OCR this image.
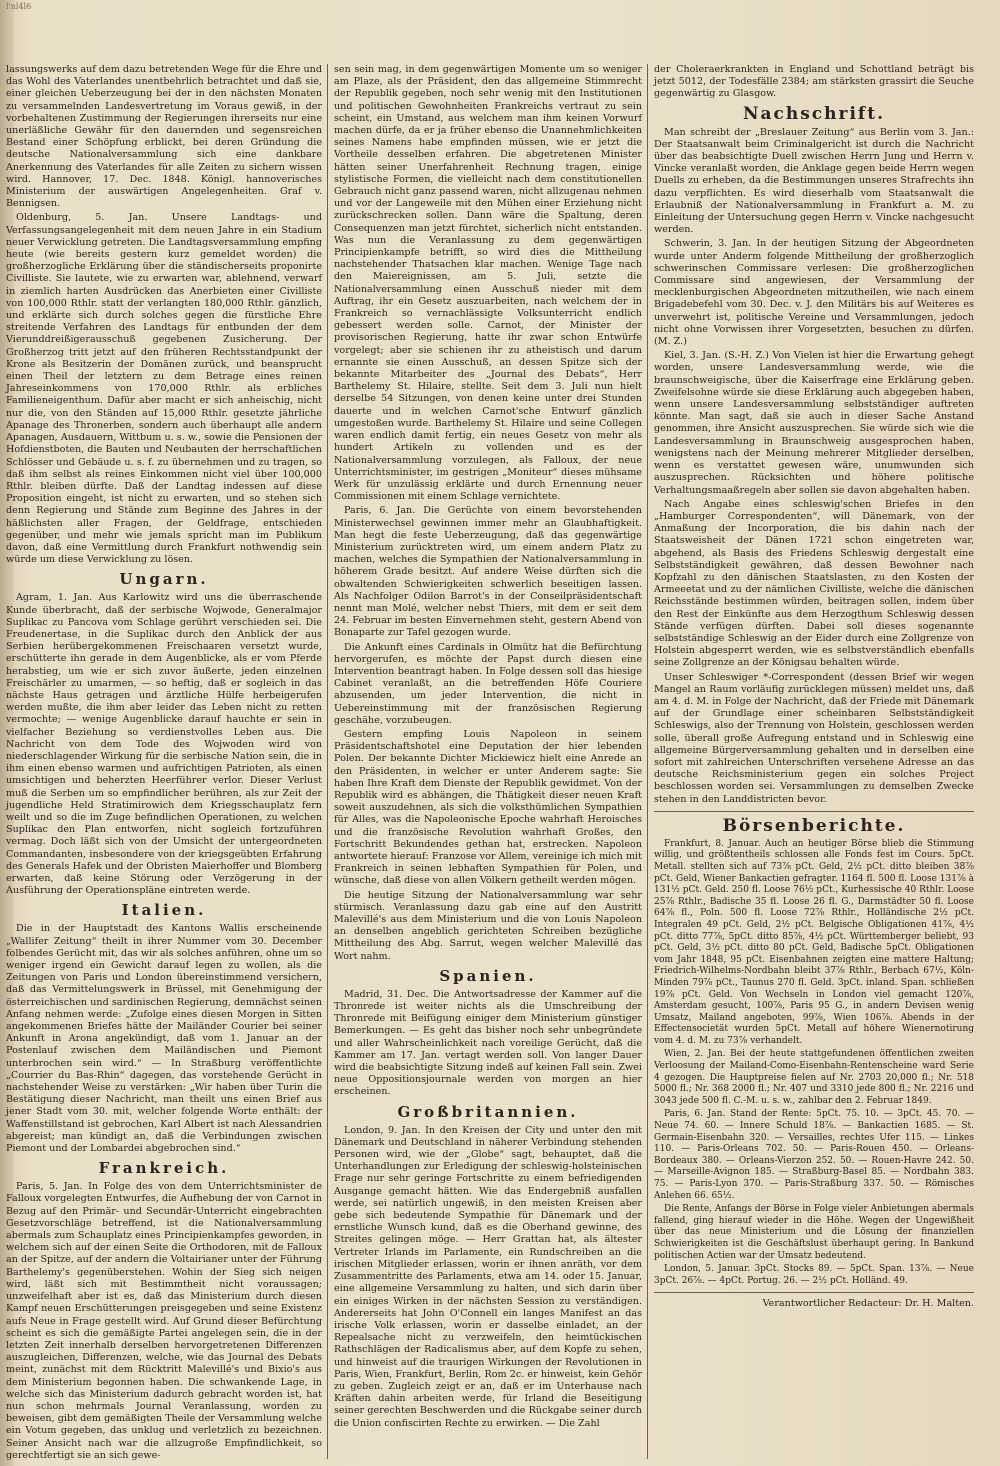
l'nl4l6

lassungswerks auf dem dazu betretenden Wege für die Ehre und das Wohl des Vaterlandes unentbehrlich betrachtet und daß sie, einer gleichen Ueberzeugung bei der in den nächsten Monaten zu versammelnden Landesvertretung im Voraus gewiß, in der vorbehaltenen Zustimmung der Regierungen ihrerseits nur eine unerläßliche Gewähr für den dauernden und segensreichen Bestand einer Schöpfung erblickt, bei deren Gründung die deutsche Nationalversammlung sich eine dankbare Anerkennung des Vaterlandes für alle Zeiten zu sichern wissen wird. Hannover, 17. Dec. 1848. Königl. hannoverisches Ministerium der auswärtigen Angelegenheiten. Graf v. Bennigsen.

Oldenburg, 5. Jan. Unsere Landtags- und Verfassungsangelegenheit mit dem neuen Jahre in ein Stadium neuer Verwicklung getreten. Die Landtagsversammlung empfing heute (wie bereits gestern kurz gemeldet worden) die großherzogliche Erklärung über die ständischerseits proponirte Civilliste. Sie lautete, wie zu erwarten war, ablehnend, verwarf in ziemlich harten Ausdrücken das Anerbieten einer Civilliste von 100,000 Rthlr. statt der verlangten 180,000 Rthlr. gänzlich, und erklärte sich durch solches gegen die fürstliche Ehre streitende Verfahren des Landtags für entbunden der dem Vierunddreißigerausschuß gegebenen Zusicherung. Der Großherzog tritt jetzt auf den früheren Rechtsstandpunkt der Krone als Besitzerin der Domänen zurück, und beansprucht einen Theil der letztern zu dem Betrage eines reinen Jahreseinkommens von 170,000 Rthlr. als erbliches Familieneigenthum. Dafür aber macht er sich anheischig, nicht nur die, von den Ständen auf 15,000 Rthlr. gesetzte jährliche Apanage des Thronerben, sondern auch überhaupt alle andern Apanagen, Ausdauern, Wittbum u. s. w., sowie die Pensionen der Hofdienstboten, die Bauten und Neubauten der herrschaftlichen Schlösser und Gebäude u. s. f. zu übernehmen und zu tragen, so daß ihm selbst als reines Einkommen nicht viel über 100,000 Rthlr. bleiben dürfte. Daß der Landtag indessen auf diese Proposition eingeht, ist nicht zu erwarten, und so stehen sich denn Regierung und Stände zum Beginne des Jahres in der häßlichsten aller Fragen, der Geldfrage, entschieden gegenüber, und mehr wie jemals spricht man im Publikum davon, daß eine Vermittlung durch Frankfurt nothwendig sein würde um diese Verwicklung zu lösen.

Ungarn.

Agram, 1. Jan. Aus Karlowitz wird uns die überraschende Kunde überbracht, daß der serbische Wojwode, Generalmajor Suplikac zu Pancova vom Schlage gerührt verschieden sei. Die Freudenertase, in die Suplikac durch den Anblick der aus Serbien herübergekommenen Freischaaren versetzt wurde, erschütterte ihn gerade in dem Augenblicke, als er vom Pferde herabstieg, um wie er sich zuvor äußerte, jeden einzelnen Freischärler zu umarmen, — so heftig, daß er sogleich in das nächste Haus getragen und ärztliche Hülfe herbeigerufen werden mußte, die ihm aber leider das Leben nicht zu retten vermochte; — wenige Augenblicke darauf hauchte er sein in vielfacher Beziehung so verdienstvolles Leben aus. Die Nachricht von dem Tode des Wojwoden wird von niederschlagender Wirkung für die serbische Nation sein, die in ihm einen ebenso warmen und aufrichtigen Patrioten, als einen umsichtigen und beherzten Heerführer verlor. Dieser Verlust muß die Serben um so empfindlicher berühren, als zur Zeit der jugendliche Held Stratimirowich dem Kriegsschauplatz fern weilt und so die im Zuge befindlichen Operationen, zu welchen Suplikac den Plan entworfen, nicht sogleich fortzuführen vermag. Doch läßt sich von der Umsicht der untergeordneten Commandanten, insbesondere von der kriegsgeübten Erfahrung des Generals Hafek und der Obristen Maierhoffer und Blomberg erwarten, daß keine Störung oder Verzögerung in der Ausführung der Operationspläne eintreten werde.

Italien.

Die in der Hauptstadt des Kantons Wallis erscheinende „Wallifer Zeitung“ theilt in ihrer Nummer vom 30. December folbendes Gerücht mit, das wir als solches anführen, ohne um so weniger irgend ein Gewicht darauf legen zu wollen, als die Zeitungen von Paris und London übereinstimmend versichern, daß das Vermittelungswerk in Brüssel, mit Genehmigung der österreichischen und sardinischen Regierung, demnächst seinen Anfang nehmen werde: „Zufolge eines diesen Morgen in Sitten angekommenen Briefes hätte der Mailänder Courier bei seiner Ankunft in Arona angekündigt, daß vom 1. Januar an der Postenlauf zwischen dem Mailändischen und Piemont unterbrochen sein wird.“ — In Straßburg veröffentlichte „Courrier du Bas-Rhin“ dagegen, das vorstehende Gerücht in nachstehender Weise zu verstärken: „Wir haben über Turin die Bestätigung dieser Nachricht, man theilt uns einen Brief aus jener Stadt vom 30. mit, welcher folgende Worte enthält: der Waffenstillstand ist gebrochen, Karl Albert ist nach Alessandrien abgereist; man kündigt an, daß die Verbindungen zwischen Piemont und der Lombardei abgebrochen sind.“

Frankreich.

Paris, 5. Jan. In Folge des von dem Unterrichtsminister de Falloux vorgelegten Entwurfes, die Aufhebung der von Carnot in Bezug auf den Primär- und Secundär-Unterricht eingebrachten Gesetzvorschläge betreffend, ist die Nationalversammlung abermals zum Schauplatz eines Principienkampfes geworden, in welchem sich auf der einen Seite die Orthodoren, mit de Falloux an der Spitze, auf der andern die Voltairianer unter der Führung Barthelemy's gegenüberstehen. Wohin der Sieg sich neigen wird, läßt sich mit Bestimmtheit nicht voraussagen; unzweifelhaft aber ist es, daß das Ministerium durch diesen Kampf neuen Erschütterungen preisgegeben und seine Existenz aufs Neue in Frage gestellt wird. Auf Grund dieser Befürchtung scheint es sich die gemäßigte Partei angelegen sein, die in der letzten Zeit innerhalb derselben hervorgetretenen Differenzen auszugleichen, Differenzen, welche, wie das Journal des Debats meint, zunächst mit dem Rücktritt Malevillé's und Bixio's aus dem Ministerium begonnen haben. Die schwankende Lage, in welche sich das Ministerium dadurch gebracht worden ist, hat nun schon mehrmals Journal Veranlassung, worden zu beweisen, gibt dem gemäßigten Theile der Versammlung welche ein Votum gegeben, das unklug und verletzlich zu bezeichnen. Seiner Ansicht nach war die allzugroße Empfindlichkeit, so gerechtfertigt sie an sich gewe-

sen sein mag, in dem gegenwärtigen Momente um so weniger am Plaze, als der Präsident, den das allgemeine Stimmrecht der Republik gegeben, noch sehr wenig mit den Institutionen und politischen Gewohnheiten Frankreichs vertraut zu sein scheint, ein Umstand, aus welchem man ihm keinen Vorwurf machen dürfe, da er ja früher ebenso die Unannehmlichkeiten seines Namens habe empfinden müssen, wie er jetzt die Vortheile desselben erfahren. Die abgetretenen Minister hätten seiner Unerfahrenheit Rechnung tragen, einige stylistische Formen, die vielleicht nach dem constitutionellen Gebrauch nicht ganz passend waren, nicht allzugenau nehmen und vor der Langeweile mit den Mühen einer Erziehung nicht zurückschrecken sollen. Dann wäre die Spaltung, deren Consequenzen man jetzt fürchtet, sicherlich nicht entstanden. Was nun die Veranlassung zu dem gegenwärtigen Principienkampfe betrifft, so wird dies die Mittheilung nachstehender Thatsachen klar machen. Wenige Tage nach den Maiereignissen, am 5. Juli, setzte die Nationalversammlung einen Ausschuß nieder mit dem Auftrag, ihr ein Gesetz auszuarbeiten, nach welchem der in Frankreich so vernachlässigte Volksunterricht endlich gebessert werden solle. Carnot, der Minister der provisorischen Regierung, hatte ihr zwar schon Entwürfe vorgelegt; aber sie schienen ihr zu atheistisch und darum ernannte sie einen Ausschuß, an dessen Spitze sich der bekannte Mitarbeiter des „Journal des Debats“, Herr Barthelemy St. Hilaire, stellte. Seit dem 3. Juli nun hielt derselbe 54 Sitzungen, von denen keine unter drei Stunden dauerte und in welchen Carnot'sche Entwurf gänzlich umgestoßen wurde. Barthelemy St. Hilaire und seine Collegen waren endlich damit fertig, ein neues Gesetz von mehr als hundert Artikeln zu vollenden und es der Nationalversammlung vorzulegen, als Falloux, der neue Unterrichtsminister, im gestrigen „Moniteur“ dieses mühsame Werk für unzulässig erklärte und durch Ernennung neuer Commissionen mit einem Schlage vernichtete.

Paris, 6. Jan. Die Gerüchte von einem bevorstehenden Ministerwechsel gewinnen immer mehr an Glaubhaftigkeit. Man hegt die feste Ueberzeugung, daß das gegenwärtige Ministerium zurücktreten wird, um einem andern Platz zu machen, welches die Sympathien der Nationalversammlung in höherem Grade besitzt. Auf andere Weise dürften sich die obwaltenden Schwierigkeiten schwerlich beseitigen lassen. Als Nachfolger Odilon Barrot's in der Conseilpräsidentschaft nennt man Molé, welcher nebst Thiers, mit dem er seit dem 24. Februar im besten Einvernehmen steht, gestern Abend von Bonaparte zur Tafel gezogen wurde.

Die Ankunft eines Cardinals in Olmütz hat die Befürchtung hervorgerufen, es möchte der Papst durch diesen eine Intervention beantragt haben. In Folge dessen soll das hiesige Cabinet veranlaßt, an die betreffenden Höfe Couriere abzusenden, um jeder Intervention, die nicht in Uebereinstimmung mit der französischen Regierung geschähe, vorzubeugen.

Gestern empfing Louis Napoleon in seinem Präsidentschaftshotel eine Deputation der hier lebenden Polen. Der bekannte Dichter Mickiewicz hielt eine Anrede an den Präsidenten, in welcher er unter Anderem sagte: Sie haben Ihre Kraft dem Dienste der Republik gewidmet. Von der Republik wird es abhängen, die Thätigkeit dieser neuen Kraft soweit auszudehnen, als sich die volksthümlichen Sympathien für Alles, was die Napoleonische Epoche wahrhaft Heroisches und die französische Revolution wahrhaft Großes, den Fortschritt Bekundendes gethan hat, erstrecken. Napoleon antwortete hierauf: Franzose vor Allem, vereinige ich mich mit Frankreich in seinen lebhaften Sympathien für Polen, und wünsche, daß diese von allen Völkern getheilt werden mögen.

Die heutige Sitzung der Nationalversammlung war sehr stürmisch. Veranlassung dazu gab eine auf den Austritt Malevillé's aus dem Ministerium und die von Louis Napoleon an denselben angeblich gerichteten Schreiben bezügliche Mittheilung des Abg. Sarrut, wegen welcher Malevillé das Wort nahm.

Spanien.

Madrid, 31. Dec. Die Antwortsadresse der Kammer auf die Thronrede ist weiter nichts als die Umschreibung der Thronrede mit Beifügung einiger dem Ministerium günstiger Bemerkungen. — Es geht das bisher noch sehr unbegründete und aller Wahrscheinlichkeit nach voreilige Gerücht, daß die Kammer am 17. Jan. vertagt werden soll. Von langer Dauer wird die beabsichtigte Sitzung indeß auf keinen Fall sein. Zwei neue Oppositionsjournale werden von morgen an hier erscheinen.

Großbritannien.

London, 9. Jan. In den Kreisen der City und unter den mit Dänemark und Deutschland in näherer Verbindung stehenden Personen wird, wie der „Globe“ sagt, behauptet, daß die Unterhandlungen zur Erledigung der schleswig-holsteinischen Frage nur sehr geringe Fortschritte zu einem befriedigenden Ausgange gemacht hätten. Wie das Endergebniß ausfallen werde, sei natürlich ungewiß, in den meisten Kreisen aber gebe sich bedeutende Sympathie für Dänemark und der ernstliche Wunsch kund, daß es die Oberhand gewinne, des Streites gelingen möge. — Herr Grattan hat, als ältester Vertreter Irlands im Parlamente, ein Rundschreiben an die irischen Mitglieder erlassen, worin er ihnen anräth, vor dem Zusammentritte des Parlaments, etwa am 14. oder 15. Januar, eine allgemeine Versammlung zu halten, und sich darin über ein einiges Wirken in der nächsten Session zu verständigen. Andererseits hat John O'Connell ein langes Manifest an das irische Volk erlassen, worin er dasselbe einladet, an der Repealsache nicht zu verzweifeln, den heimtückischen Rathschlägen der Radicalismus aber, auf dem Kopfe zu sehen, und hinweist auf die traurigen Wirkungen der Revolutionen in Paris, Wien, Frankfurt, Berlin, Rom 2c. er hinweist, kein Gehör zu geben. Zugleich zeigt er an, daß er im Unterhause nach Kräften dahin arbeiten werde, für Irland die Beseitigung seiner gerechten Beschwerden und die Rückgabe seiner durch die Union confiscirten Rechte zu erwirken. — Die Zahl

der Choleraerkrankten in England und Schottland beträgt bis jetzt 5012, der Todesfälle 2384; am stärksten grassirt die Seuche gegenwärtig zu Glasgow.

Nachschrift.

Man schreibt der „Breslauer Zeitung“ aus Berlin vom 3. Jan.: Der Staatsanwalt beim Criminalgericht ist durch die Nachricht über das beabsichtigte Duell zwischen Herrn Jung und Herrn v. Vincke veranlaßt worden, die Anklage gegen beide Herrn wegen Duells zu erheben, da die Bestimmungen unseres Strafrechts ihn dazu verpflichten. Es wird dieserhalb vom Staatsanwalt die Erlaubniß der Nationalversammlung in Frankfurt a. M. zu Einleitung der Untersuchung gegen Herrn v. Vincke nachgesucht werden.

Schwerin, 3. Jan. In der heutigen Sitzung der Abgeordneten wurde unter Anderm folgende Mittheilung der großherzoglich schwerinschen Commissare verlesen: Die großherzoglichen Commissare sind angewiesen, der Versammlung der mecklenburgischen Abgeordneten mitzutheilen, wie nach einem Brigadebefehl vom 30. Dec. v. J. den Militärs bis auf Weiteres es unverwehrt ist, politische Vereine und Versammlungen, jedoch nicht ohne Vorwissen ihrer Vorgesetzten, besuchen zu dürfen. (M. Z.)

Kiel, 3. Jan. (S.-H. Z.) Von Vielen ist hier die Erwartung gehegt worden, unsere Landesversammlung werde, wie die braunschweigische, über die Kaiserfrage eine Erklärung geben. Zweifelsohne würde sie diese Erklärung auch abgegeben haben, wenn unsere Landesversammlung selbstständiger auftreten könnte. Man sagt, daß sie auch in dieser Sache Anstand genommen, ihre Ansicht auszusprechen. Sie würde sich wie die Landesversammlung in Braunschweig ausgesprochen haben, wenigstens nach der Meinung mehrerer Mitglieder derselben, wenn es verstattet gewesen wäre, unumwunden sich auszusprechen. Rücksichten und höhere politische Verhaltungsmaaßregeln aber sollen sie davon abgehalten haben.

Nach Angabe eines schleswig'schen Briefes in den „Hamburger Correspondenten“, will Dänemark, von der Anmaßung der Incorporation, die bis dahin nach der Staatsweisheit der Dänen 1721 schon eingetreten war, abgehend, als Basis des Friedens Schleswig dergestalt eine Selbstständigkeit gewähren, daß dessen Bewohner nach Kopfzahl zu den dänischen Staatslasten, zu den Kosten der Armeeetat und zu der nämlichen Civilliste, welche die dänischen Reichsstände bestimmen würden, beitragen sollen, indem über den Rest der Einkünfte aus dem Herzogthum Schleswig dessen Stände verfügen dürften. Dabei soll dieses sogenannte selbstständige Schleswig an der Eider durch eine Zollgrenze von Holstein abgesperrt werden, wie es selbstverständlich ebenfalls seine Zollgrenze an der Königsau behalten würde.

Unser Schleswiger *-Correspondent (dessen Brief wir wegen Mangel an Raum vorläufig zurücklegen müssen) meldet uns, daß am 4. d. M. in Folge der Nachricht, daß der Friede mit Dänemark auf der Grundlage einer scheinbaren Selbstständigkeit Schleswigs, also der Trennung von Holstein, geschlossen werden solle, überall große Aufregung entstand und in Schleswig eine allgemeine Bürgerversammlung gehalten und in derselben eine sofort mit zahlreichen Unterschriften versehene Adresse an das deutsche Reichsministerium gegen ein solches Project beschlossen worden sei. Versammlungen zu demselben Zwecke stehen in den Landdistricten bevor.

Börsenberichte.

Frankfurt, 8. Januar. Auch an heutiger Börse blieb die Stimmung willig, und größtentheils schlossen alle Fonds fest im Cours. 5pCt. Metall. stellten sich auf 73⅞ pCt. Geld, 2½ pCt. ditto bleiben 38⅞ pCt. Geld, Wiener Bankactien gefragter. 1164 fl. 500 fl. Loose 131⅞ à 131½ pCt. Geld. 250 fl. Loose 76½ pCt., Kurhessische 40 Rthlr. Loose 25⅞ Rthlr., Badische 35 fl. Loose 26 fl. G., Darmstädter 50 fl. Loose 64⅞ fl., Poln. 500 fl. Loose 72⅞ Rthlr., Holländische 2½ pCt. Integralen 49 pCt. Geld, 2½ pCt. Belgische Obligationen 41⅞, 4½ pCt. ditto 77⅞, 5pCt. ditto 85⅞, 4½ pCt. Württemberger beliebt, 93 pCt. Geld, 3½ pCt. ditto 80 pCt. Geld, Badische 5pCt. Obligationen vom Jahr 1848, 95 pCt. Eisenbahnen zeigten eine mattere Haltung; Friedrich-Wilhelms-Nordbahn bleibt 37⅞ Rthlr., Berbach 67½, Köln-Minden 79⅞ pCt., Taunus 270 fl. Geld. 3pCt. inland. Span. schließen 19⅞ pCt. Geld. Von Wechseln in London viel gemacht 120⅞, Amsterdam gesucht, 100⅞, Paris 95 G., in andern Devisen wenig Umsatz, Mailand angeboten, 99⅞, Wien 106⅞. Abends in der Effectensocietät wurden 5pCt. Metall auf höhere Wienernotirung vom 4. d. M. zu 73⅞ verhandelt.

Wien, 2. Jan. Bei der heute stattgefundenen öffentlichen zweiten Verloosung der Mailand-Como-Eisenbahn-Rentenscheine ward Serie 4 gezogen. Die Hauptpreise fielen auf Nr. 2703 20,000 fl.; Nr. 518 5000 fl.; Nr. 368 2000 fl.; Nr. 407 und 3310 jede 800 fl.; Nr. 2216 und 3043 jede 500 fl. C.-M. u. s. w., zahlbar den 2. Februar 1849.

Paris, 6. Jan. Stand der Rente: 5pCt. 75. 10. — 3pCt. 45. 70. — Neue 74. 60. — Innere Schuld 18⅞. — Bankactien 1685. — St. Germain-Eisenbahn 320. — Versailles, rechtes Ufer 115. — Linkes 110. — Paris-Orleans 702. 50. — Paris-Rouen 450. — Orleans-Bordeaux 380. — Orleans-Vierzon 252. 50. — Rouen-Havre 242. 50. — Marseille-Avignon 185. — Straßburg-Basel 85. — Nordbahn 383. 75. — Paris-Lyon 370. — Paris-Straßburg 337. 50. — Römisches Anlehen 66. 65½.

Die Rente, Anfangs der Börse in Folge vieler Anbietungen abermals fallend, ging hierauf wieder in die Höhe. Wegen der Ungewißheit über das neue Ministerium und die Lösung der finanziellen Schwierigkeiten ist die Geschäftslust überhaupt gering. In Bankund politischen Actien war der Umsatz bedeutend.

London, 5. Januar. 3pCt. Stocks 89. — 5pCt. Span. 13⅞. — Neue 3pCt. 26⅞. — 4pCt. Portug. 26. — 2½ pCt. Holländ. 49.

Verantwortlicher Redacteur: Dr. H. Malten.
